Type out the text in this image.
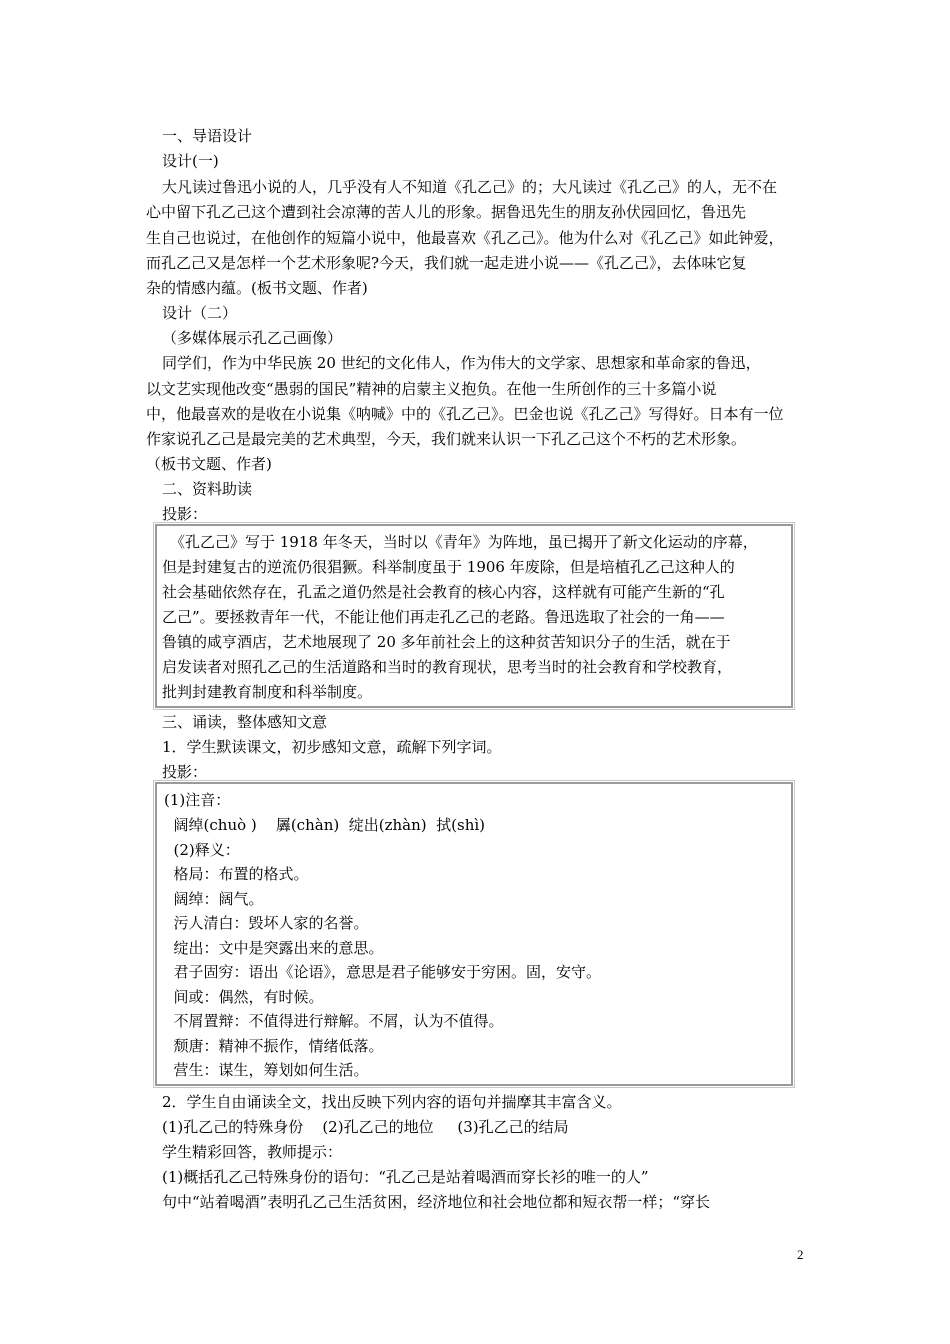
一、导语设计
设计(一)
大凡读过鲁迅小说的人，几乎没有人不知道《孔乙己》的；大凡读过《孔乙己》的人，无不在
心中留下孔乙己这个遭到社会凉薄的苦人儿的形象。据鲁迅先生的朋友孙伏园回忆，鲁迅先
生自己也说过，在他创作的短篇小说中，他最喜欢《孔乙己》。他为什么对《孔乙己》如此钟爱，
而孔乙己又是怎样一个艺术形象呢?今天，我们就一起走进小说——《孔乙己》，去体味它复
杂的情感内蕴。(板书文题、作者)
设计（二）
（多媒体展示孔乙己画像）
同学们，作为中华民族 20 世纪的文化伟人，作为伟大的文学家、思想家和革命家的鲁迅，
以文艺实现他改变“愚弱的国民”精神的启蒙主义抱负。在他一生所创作的三十多篇小说
中，他最喜欢的是收在小说集《呐喊》中的《孔乙己》。巴金也说《孔乙己》写得好。日本有一位
作家说孔乙己是最完美的艺术典型，今天，我们就来认识一下孔乙己这个不朽的艺术形象。
（板书文题、作者)
二、资料助读
投影：
《孔乙己》写于 1918 年冬天，当时以《青年》为阵地，虽已揭开了新文化运动的序幕，
但是封建复古的逆流仍很猖獗。科举制度虽于 1906 年废除，但是培植孔乙己这种人的
社会基础依然存在，孔孟之道仍然是社会教育的核心内容，这样就有可能产生新的“孔
乙己”。要拯救青年一代，不能让他们再走孔乙己的老路。鲁迅选取了社会的一角——
鲁镇的咸亨酒店，艺术地展现了 20 多年前社会上的这种贫苦知识分子的生活，就在于
启发读者对照孔乙己的生活道路和当时的教育现状，思考当时的社会教育和学校教育，
批判封建教育制度和科举制度。
三、诵读，整体感知文意
1．学生默读课文，初步感知文意，疏解下列字词。
投影：
(1)注音：
阔绰(chuò )    羼(chàn)  绽出(zhàn)  拭(shì)
(2)释义：
格局：布置的格式。
阔绰：阔气。
污人清白：毁坏人家的名誉。
绽出：文中是突露出来的意思。
君子固穷：语出《论语》，意思是君子能够安于穷困。固，安守。
间或：偶然，有时候。
不屑置辩：不值得进行辩解。不屑，认为不值得。
颓唐：精神不振作，情绪低落。
营生：谋生，筹划如何生活。
2．学生自由诵读全文，找出反映下列内容的语句并揣摩其丰富含义。
(1)孔乙己的特殊身份    (2)孔乙己的地位     (3)孔乙己的结局
学生精彩回答，教师提示：
(1)概括孔乙己特殊身份的语句：“孔乙己是站着喝酒而穿长衫的唯一的人”
句中“站着喝酒”表明孔乙己生活贫困，经济地位和社会地位都和短衣帮一样；“穿长
2
